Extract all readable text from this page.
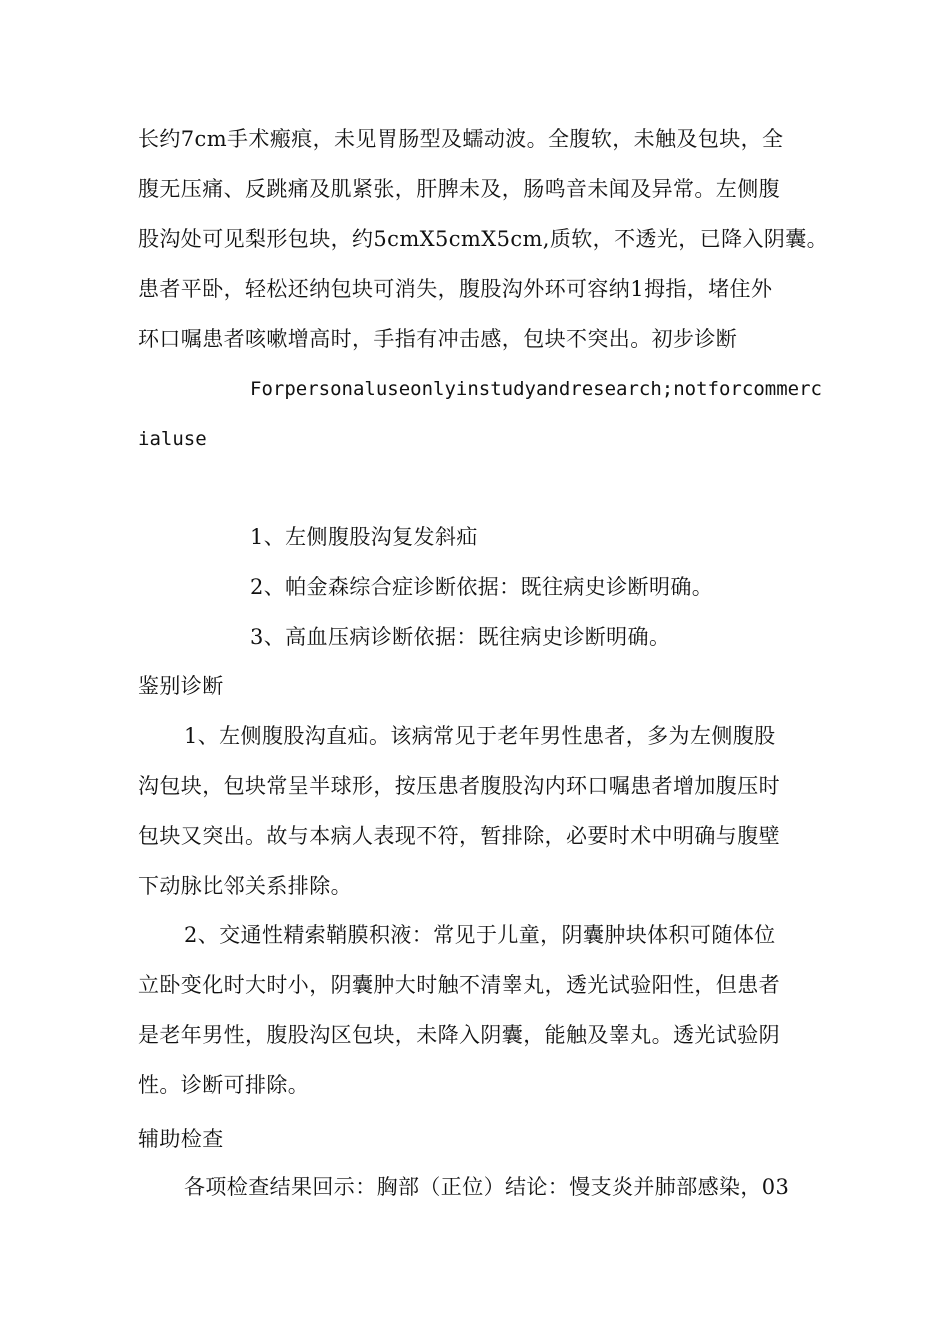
长约7cm手术瘢痕，未见胃肠型及蠕动波。全腹软，未触及包块，全
腹无压痛、反跳痛及肌紧张，肝脾未及，肠鸣音未闻及异常。左侧腹
股沟处可见梨形包块，约5cmX5cmX5cm,质软，不透光，已降入阴囊。
患者平卧，轻松还纳包块可消失，腹股沟外环可容纳1拇指，堵住外
环口嘱患者咳嗽增高时，手指有冲击感，包块不突出。初步诊断
Forpersonaluseonlyinstudyandresearch;notforcommerc
ialuse
1、左侧腹股沟复发斜疝
2、帕金森综合症诊断依据：既往病史诊断明确。
3、高血压病诊断依据：既往病史诊断明确。
鉴别诊断
1、左侧腹股沟直疝。该病常见于老年男性患者，多为左侧腹股
沟包块，包块常呈半球形，按压患者腹股沟内环口嘱患者增加腹压时
包块又突出。故与本病人表现不符，暂排除，必要时术中明确与腹壁
下动脉比邻关系排除。
2、交通性精索鞘膜积液：常见于儿童，阴囊肿块体积可随体位
立卧变化时大时小，阴囊肿大时触不清睾丸，透光试验阳性，但患者
是老年男性，腹股沟区包块，未降入阴囊，能触及睾丸。透光试验阴
性。诊断可排除。
辅助检查
各项检查结果回示：胸部（正位）结论：慢支炎并肺部感染，03
